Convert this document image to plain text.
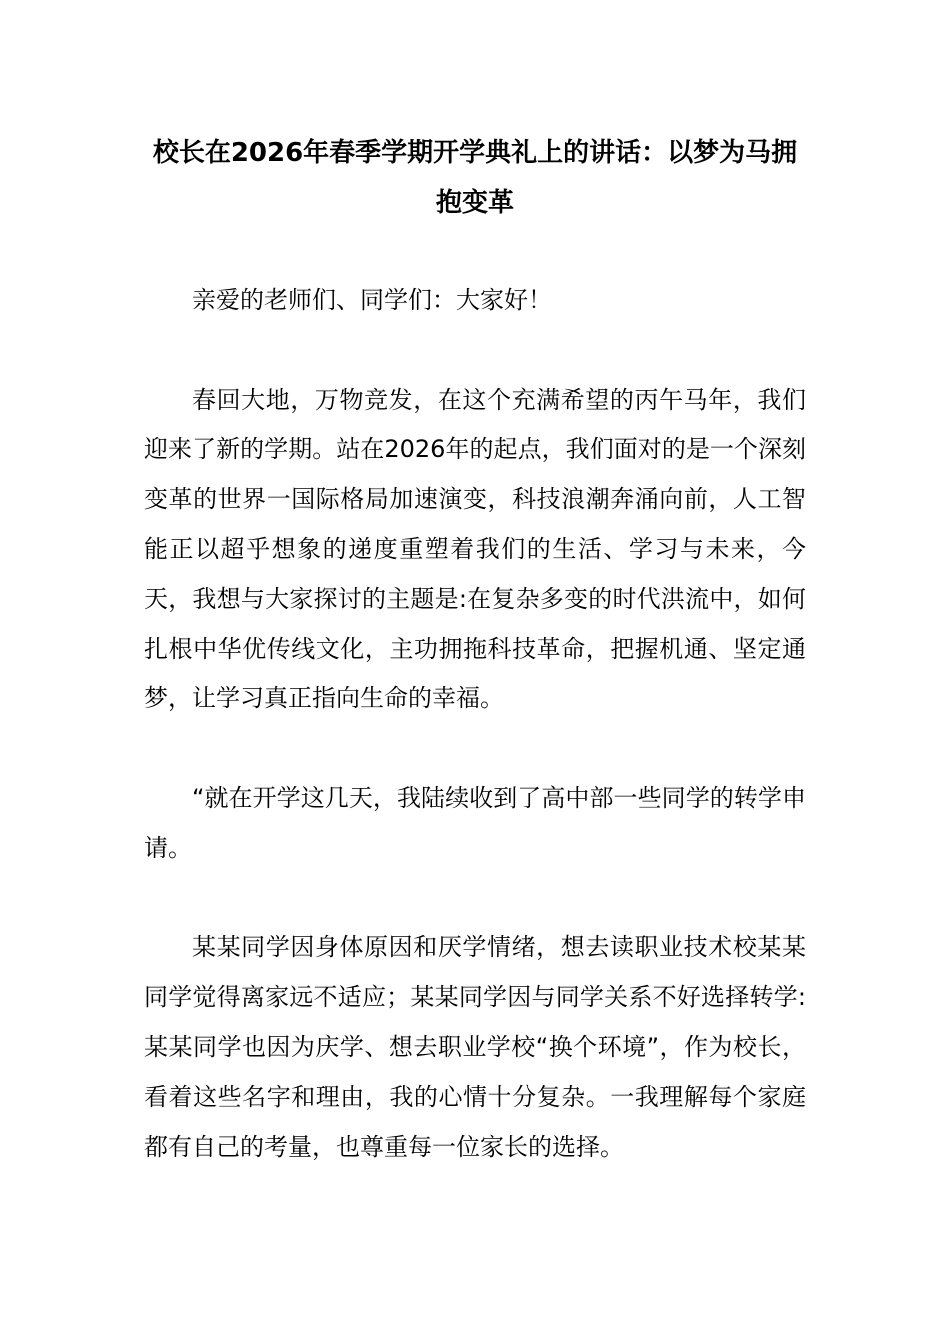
校长在2026年春季学期开学典礼上的讲话：以梦为马拥抱变革

亲爱的老师们、同学们：大家好！

春回大地，万物竞发，在这个充满希望的丙午马年，我们迎来了新的学期。站在2026年的起点，我们面对的是一个深刻变革的世界一国际格局加速演变，科技浪潮奔涌向前，人工智能正以超乎想象的递度重塑着我们的生活、学习与未来，今天，我想与大家探讨的主题是:在复杂多变的时代洪流中，如何扎根中华优传线文化，主功拥拖科技革命，把握机通、坚定通梦，让学习真正指向生命的幸福。

“就在开学这几天，我陆续收到了高中部一些同学的转学申请。

某某同学因身体原因和厌学情绪，想去读职业技术校某某同学觉得离家远不适应；某某同学因与同学关系不好选择转学:某某同学也因为庆学、想去职业学校“换个环境”，作为校长，看着这些名字和理由，我的心情十分复杂。一我理解每个家庭都有自己的考量，也尊重每一位家长的选择。
